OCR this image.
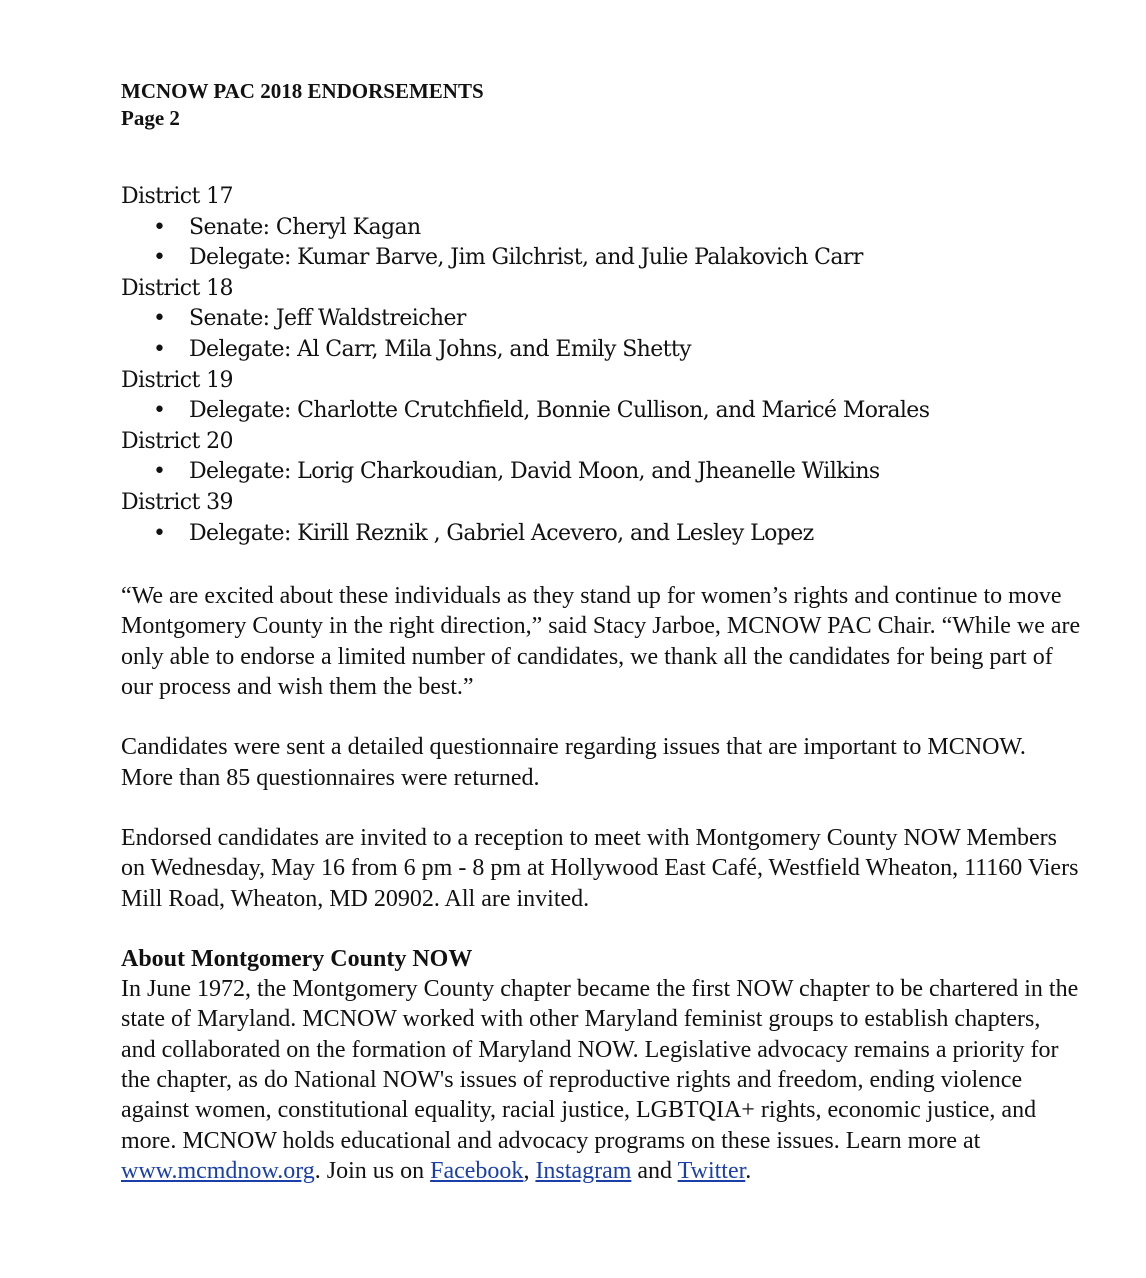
MCNOW PAC 2018 ENDORSEMENTS
Page 2
District 17
•	Senate: Cheryl Kagan
•	Delegate: Kumar Barve, Jim Gilchrist, and Julie Palakovich Carr
District 18
•	Senate: Jeff Waldstreicher
•	Delegate: Al Carr, Mila Johns, and Emily Shetty
District 19
•	Delegate: Charlotte Crutchfield, Bonnie Cullison, and Maricé Morales
District 20
•	Delegate: Lorig Charkoudian, David Moon, and Jheanelle Wilkins
District 39
•	Delegate: Kirill Reznik , Gabriel Acevero, and Lesley Lopez

“We are excited about these individuals as they stand up for women’s rights and continue to move Montgomery County in the right direction,” said Stacy Jarboe, MCNOW PAC Chair. “While we are only able to endorse a limited number of candidates, we thank all the candidates for being part of our process and wish them the best.”

Candidates were sent a detailed questionnaire regarding issues that are important to MCNOW. More than 85 questionnaires were returned.

Endorsed candidates are invited to a reception to meet with Montgomery County NOW Members on Wednesday, May 16 from 6 pm - 8 pm at Hollywood East Café, Westfield Wheaton, 11160 Viers Mill Road, Wheaton, MD 20902. All are invited.

About Montgomery County NOW

In June 1972, the Montgomery County chapter became the first NOW chapter to be chartered in the state of Maryland. MCNOW worked with other Maryland feminist groups to establish chapters, and collaborated on the formation of Maryland NOW. Legislative advocacy remains a priority for the chapter, as do National NOW's issues of reproductive rights and freedom, ending violence against women, constitutional equality, racial justice, LGBTQIA+ rights, economic justice, and more. MCNOW holds educational and advocacy programs on these issues. Learn more at www.mcmdnow.org. Join us on Facebook, Instagram and Twitter.
